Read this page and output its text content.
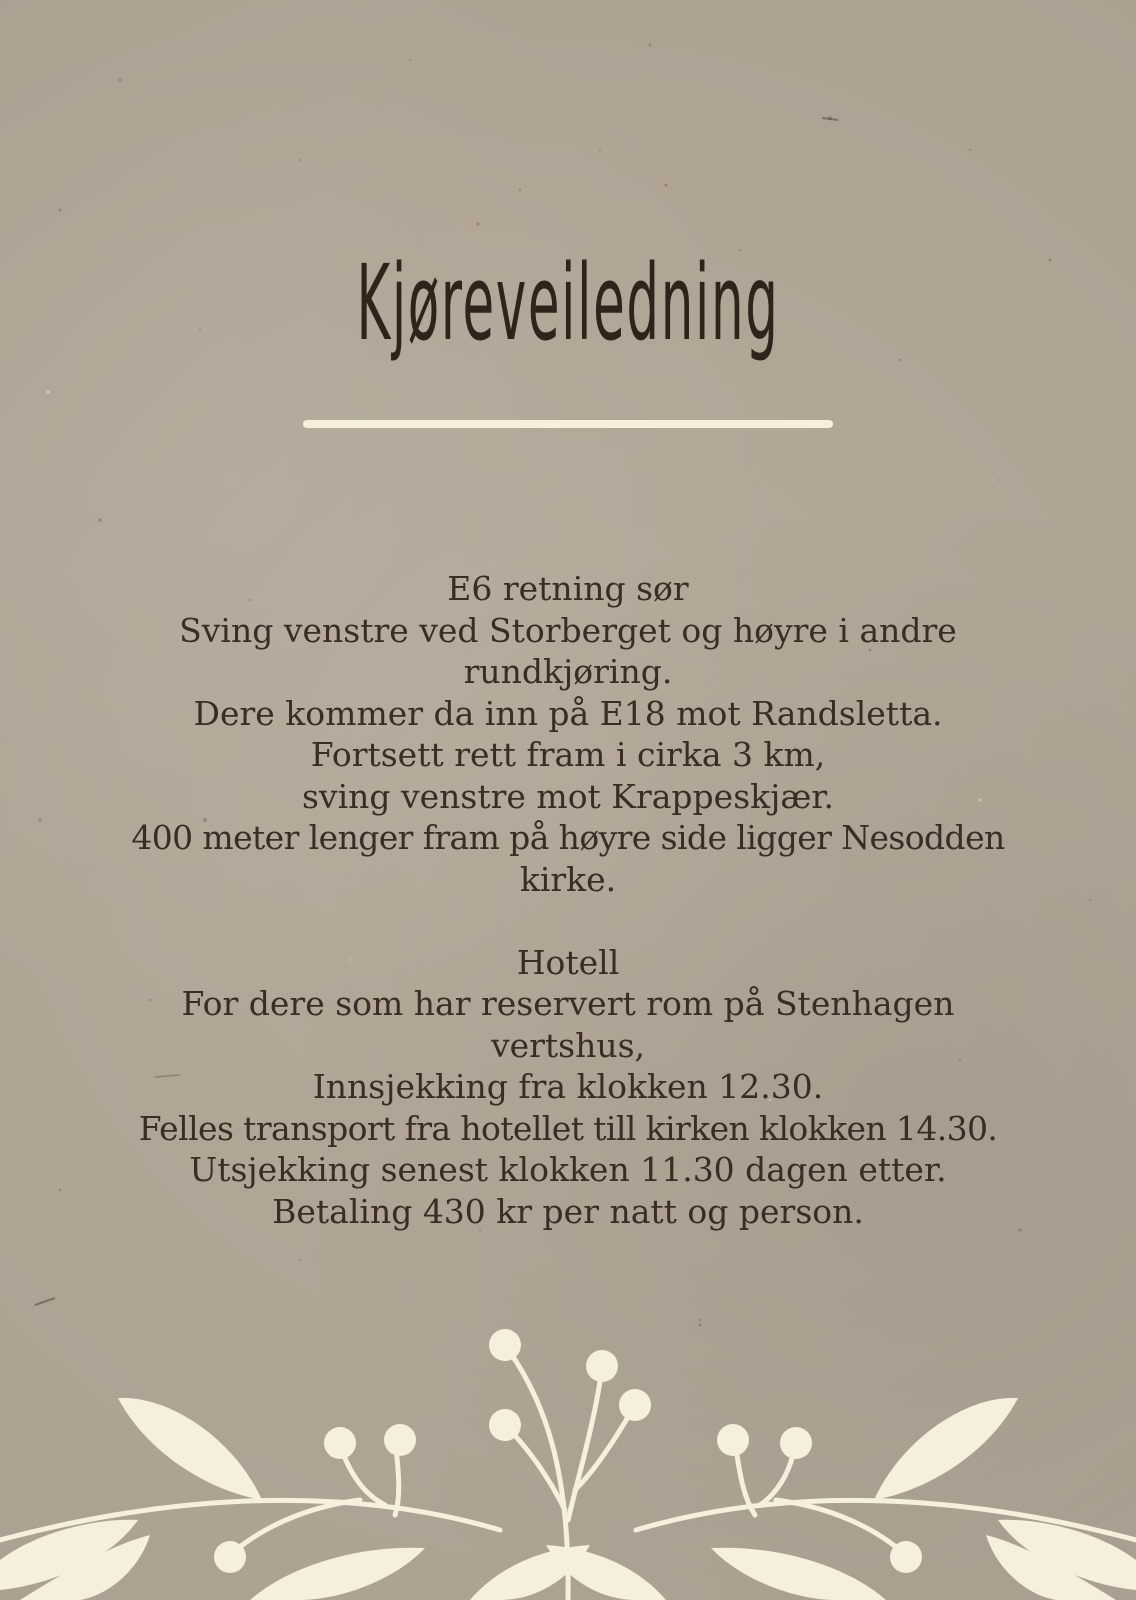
Kjøreveiledning
E6 retning sør
Sving venstre ved Storberget og høyre i andre
rundkjøring.
Dere kommer da inn på E18 mot Randsletta.
Fortsett rett fram i cirka 3 km,
sving venstre mot Krappeskjær.
400 meter lenger fram på høyre side ligger Nesodden
kirke.
Hotell
For dere som har reservert rom på Stenhagen
vertshus,
Innsjekking fra klokken 12.30.
Felles transport fra hotellet till kirken klokken 14.30.
Utsjekking senest klokken 11.30 dagen etter.
Betaling 430 kr per natt og person.
